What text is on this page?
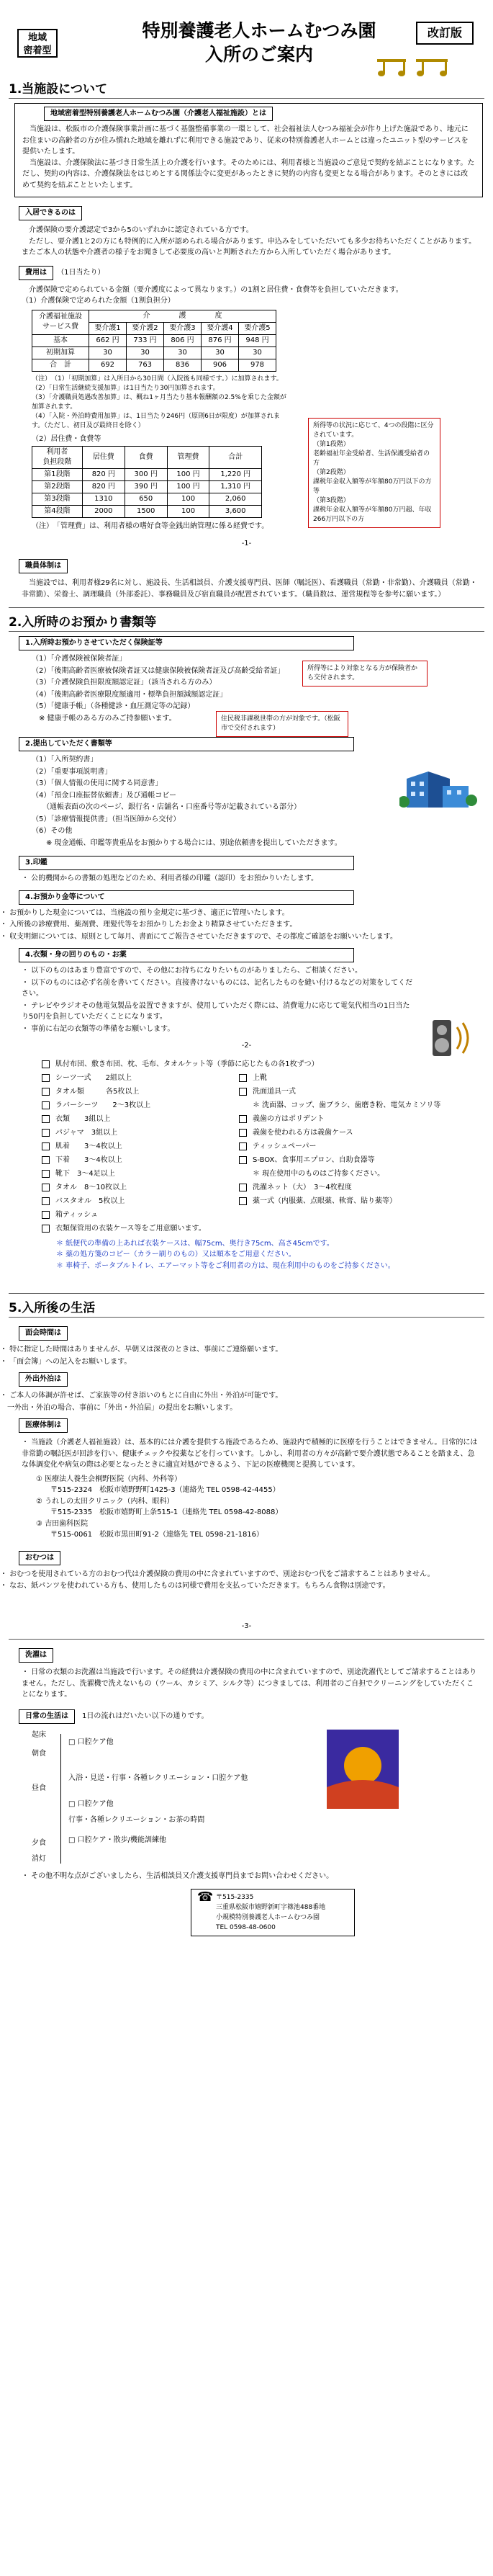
地域
密着型
特別養護老人ホームむつみ園
入所のご案内
改訂版
1.当施設について
地域密着型特別養護老人ホームむつみ園（介護老人福祉施設）とは

当施設は、松阪市の介護保険事業計画に基づく基盤整備事業の一環として、社会福祉法人むつみ福祉会が作り上げた施設であり、地元にお住まいの高齢者の方が住み慣れた地域を離れずに利用できる施設であり、従来の特別養護老人ホームとは違ったユニット型のサービスを提供いたします。

当施設は、介護保険法に基づき日常生活上の介護を行います。そのためには、利用者様と当施設のご意見で契約を結ぶことになります。ただし、契約の内容は、介護保険法をはじめとする関係法令に変更があったときに契約の内容も変更となる場合があります。そのときには改めて契約を結ぶことといたします。

入居できるのは

介護保険の要介護認定で3から5のいずれかに認定されている方です。

ただし、要介護1と2の方にも特例的に入所が認められる場合があります。申込みをしていただいても多少お待ちいただくことがあります。またご本人の状態や介護者の様子をお聞きして必要度の高いと判断された方から入所していただく場合があります。

費用は （1日当たり）

介護保険で定められている金額（要介護度によって異なります。）の1割と居住費・食費等を負担していただきます。

（1）介護保険で定められた金額（1割負担分）

介護福祉施設
サービス費	介　　　　護　　　　度				
	要介護1	要介護2	要介護3	要介護4	要介護5
基本	662 円	733 円	806 円	876 円	948 円
初期加算	30	30	30	30	30
合　計	692	763	836	906	978
（注）　（1）「初期加算」は入所日から30日間（入院後も同様です。）に加算されます。
（2）「日常生活継続支援加算」は1日当たり30円加算されます。
（3）「介護職員処遇改善加算」は、概ね1ヶ月当たり基本報酬額の2.5%を乗じた金額が加算されます。
（4）「入院・外泊時費用加算」は、1日当たり246円（原則6日が限度）が加算されます。（ただし、初日及び最終日を除く）
（2）居住費・食費等
利用者
負担段階	居住費	食費	管理費	合計
第1段階	820 円	300 円	100 円	1,220 円
第2段階	820 円	390 円	100 円	1,310 円
第3段階	1310	650	100	2,060
第4段階	2000	1500	100	3,600
（注）　「管理費」は、利用者様の嗜好食等金銭出納管理に係る経費です。
所得等の状況に応じて、4つの段階に区分されています。
（第1段階）
老齢福祉年金受給者、生活保護受給者の方
（第2段階）
課税年金収入額等が年額80万円以下の方等
（第3段階）
課税年金収入額等が年額80万円超、年収266万円以下の方
-1-
職員体制は

当施設では、利用者様29名に対し、施設長、生活相談員、介護支援専門員、医師（嘱託医）、看護職員（常勤・非常勤）、介護職員（常勤・非常勤）、栄養士、調理職員（外部委託）、事務職員及び宿直職員が配置されています。（職員数は、運営規程等を参考に願います。）

2.入所時のお預かり書類等
1.入所時お預かりさせていただく保険証等
（1）「介護保険被保険者証」
（2）「後期高齢者医療被保険者証又は健康保険被保険者証及び高齢受給者証」
（3）「介護保険負担限度額認定証」（該当される方のみ）
（4）「後期高齢者医療限度額適用・標準負担額減額認定証」
（5）「健康手帳」（各種健診・血圧測定等の記録）
　※ 健康手帳のある方のみご持参願います。
所得等により対象となる方が保険者から交付されます。
住民税非課税世帯の方が対象です。（松阪市で交付されます）
2.提出していただく書類等
（1）「入所契約書」
（2）「重要事項説明書」
（3）「個人情報の使用に関する同意書」
（4）「預金口座振替依頼書」及び通帳コピー
　　（通帳表面の次のページ、銀行名・店舗名・口座番号等が記載されている部分）
（5）「診療情報提供書」（担当医師から交付）
（6）その他
　　※ 現金通帳、印鑑等貴重品をお預かりする場合には、別途依頼書を提出していただきます。
3.印鑑
・ 公的機関からの書類の処理などのため、利用者様の印鑑（認印）をお預かりいたします。
4.お預かり金等について
・ お預かりした現金については、当施設の預り金規定に基づき、適正に管理いたします。
・ 入所後の診療費用、薬剤費、理髪代等をお預かりしたお金より精算させていただきます。
・ 収支明細については、原則として毎月、書面にてご報告させていただきますので、その都度ご確認をお願いいたします。
4.衣類・身の回りのもの・お薬
・ 以下のものはあまり豊富ですので、その他にお持ちになりたいものがありましたら、ご相談ください。
・ 以下のものには必ず名前を書いてください。直接書けないものには、記名したものを縫い付けるなどの対策をしてください。
・ テレビやラジオその他電気製品を設置できますが、使用していただく際には、消費電力に応じて電気代相当の1日当たり50円を負担していただくことになります。
・ 事前に右記の衣類等の準備をお願いします。
-2-
肌付布団、敷き布団、枕、毛布、タオルケット等（季節に応じたもの各1枚ずつ）
シーツ一式　　2組以上	上靴
タオル類　　　各5枚以上	洗面道具一式
ラバーシーツ　　2〜3枚以上	＊ 洗面器、コップ、歯ブラシ、歯磨き粉、電気カミソリ等
衣類　　3組以上	義歯の方はポリデント
パジャマ　3組以上	義歯を使われる方は義歯ケース
肌着　　3〜4枚以上	ティッシュペーパー
下着　　3〜4枚以上	S-BOX、食事用エプロン、自助食器等
靴下　3〜4足以上	＊ 現在使用中のものはご持参ください。
タオル　8〜10枚以上	洗濯ネット（大）　3〜4枚程度
バスタオル　5枚以上	薬一式（内服薬、点眼薬、軟膏、貼り薬等）
箱ティッシュ
衣類保管用の衣装ケース等をご用意願います。
＊ 紙便代の準備の上あれば衣装ケースは、幅75cm、奥行き75cm、高さ45cmです。
＊ 薬の処方箋のコピー（カラー刷りのもの）又は順本をご用意ください。
＊ 車椅子、ポータブルトイレ、エアーマット等をご利用者の方は、現在利用中のものをご持参ください。
5.入所後の生活
面会時間は
・ 特に指定した時間はありませんが、早朝又は深夜のときは、事前にご連絡願います。
・ 「面会簿」への記入をお願いします。
外出外泊は
・ ご本人の体調が許せば、ご家族等の付き添いのもとに自由に外出・外泊が可能です。
　一外出・外泊の場合、事前に「外出・外泊届」の提出をお願いします。
医療体制は
・ 当施設（介護老人福祉施設）は、基本的には介護を提供する施設であるため、施設内で積極的に医療を行うことはできません。日常的には非常勤の嘱託医が回診を行い、健康チェックや投薬などを行っています。しかし、利用者の方々が高齢で要介護状態であることを踏まえ、急な体調変化や病気の際は必要となったときに適宜対処ができるよう、下記の医療機関と提携しています。
① 医療法人養生会桐野医院（内科、外科等）
〒515-2324　松阪市嬉野野町1425-3（連絡先 TEL 0598-42-4455）
② うれしの太田クリニック（内科、眼科）
〒515-2335　松阪市嬉野町上条515-1（連絡先 TEL 0598-42-8088）
③ 吉田歯科医院
〒515-0061　松阪市黒田町91-2（連絡先 TEL 0598-21-1816）
おむつは
・ おむつを使用されている方のおむつ代は介護保険の費用の中に含まれていますので、別途おむつ代をご請求することはありません。
・ なお、紙パンツを使われている方も、使用したものは同様で費用を支払っていただきます。もちろん食物は別途です。
-3-
洗濯は
・ 日常の衣類のお洗濯は当施設で行います。その経費は介護保険の費用の中に含まれていますので、別途洗濯代としてご請求することはありません。ただし、洗濯機で洗えないもの（ウール、カシミア、シルク等）につきましては、利用者のご自担でクリーニングをしていただくことになります。
日常の生活は	1日の流れはだいたい以下の通りです。
起床
朝食
昼食
夕食
消灯
□ 口腔ケア他
入浴・見送・行事・各種レクリエーション・口腔ケア他
□ 口腔ケア他
行事・各種レクリエーション・お茶の時間
□ 口腔ケア・散歩/機能訓練他
・ その他不明な点がございましたら、生活相談員又介護支援専門員までお問い合わせください。
☎ 〒515-2335
三重県松阪市嬉野新町字篠池488番地
小規模特別養護老人ホームむつみ園
TEL 0598-48-0600
